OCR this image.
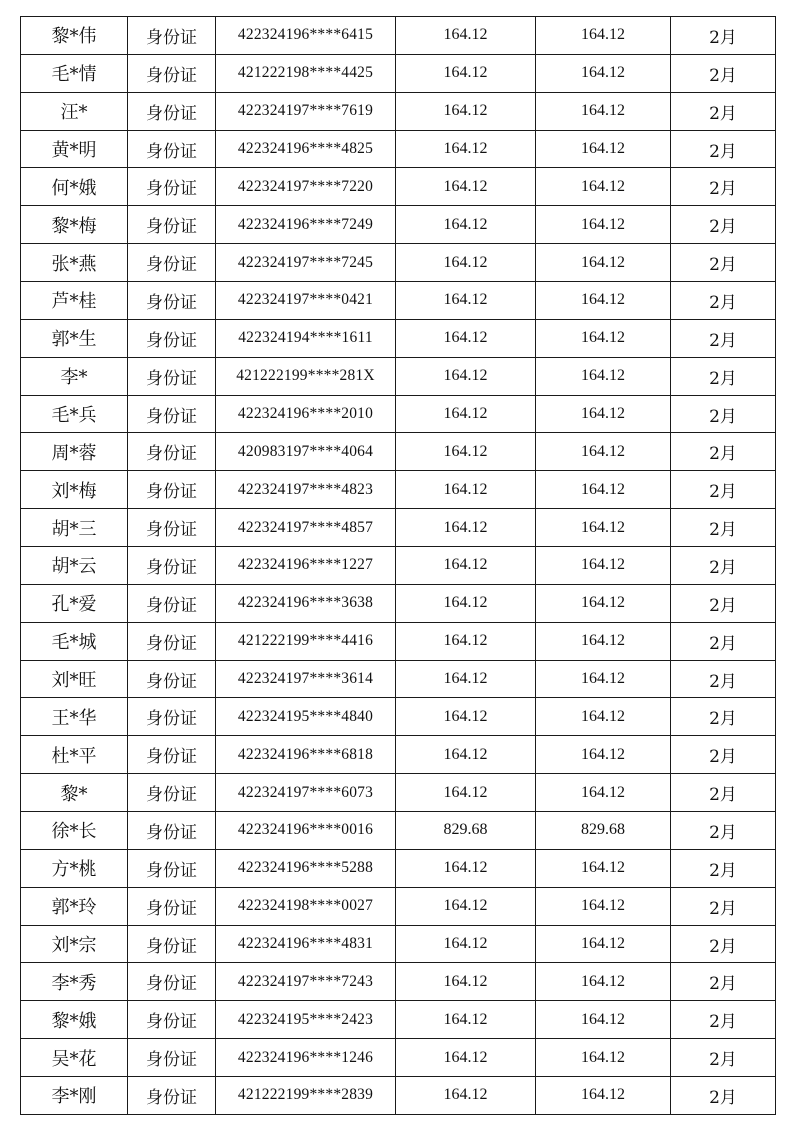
黎*伟	身份证	422324196****6415	164.12	164.12	2月
毛*情	身份证	421222198****4425	164.12	164.12	2月
汪*	身份证	422324197****7619	164.12	164.12	2月
黄*明	身份证	422324196****4825	164.12	164.12	2月
何*娥	身份证	422324197****7220	164.12	164.12	2月
黎*梅	身份证	422324196****7249	164.12	164.12	2月
张*燕	身份证	422324197****7245	164.12	164.12	2月
芦*桂	身份证	422324197****0421	164.12	164.12	2月
郭*生	身份证	422324194****1611	164.12	164.12	2月
李*	身份证	421222199****281X	164.12	164.12	2月
毛*兵	身份证	422324196****2010	164.12	164.12	2月
周*蓉	身份证	420983197****4064	164.12	164.12	2月
刘*梅	身份证	422324197****4823	164.12	164.12	2月
胡*三	身份证	422324197****4857	164.12	164.12	2月
胡*云	身份证	422324196****1227	164.12	164.12	2月
孔*爱	身份证	422324196****3638	164.12	164.12	2月
毛*城	身份证	421222199****4416	164.12	164.12	2月
刘*旺	身份证	422324197****3614	164.12	164.12	2月
王*华	身份证	422324195****4840	164.12	164.12	2月
杜*平	身份证	422324196****6818	164.12	164.12	2月
黎*	身份证	422324197****6073	164.12	164.12	2月
徐*长	身份证	422324196****0016	829.68	829.68	2月
方*桃	身份证	422324196****5288	164.12	164.12	2月
郭*玲	身份证	422324198****0027	164.12	164.12	2月
刘*宗	身份证	422324196****4831	164.12	164.12	2月
李*秀	身份证	422324197****7243	164.12	164.12	2月
黎*娥	身份证	422324195****2423	164.12	164.12	2月
吴*花	身份证	422324196****1246	164.12	164.12	2月
李*刚	身份证	421222199****2839	164.12	164.12	2月
